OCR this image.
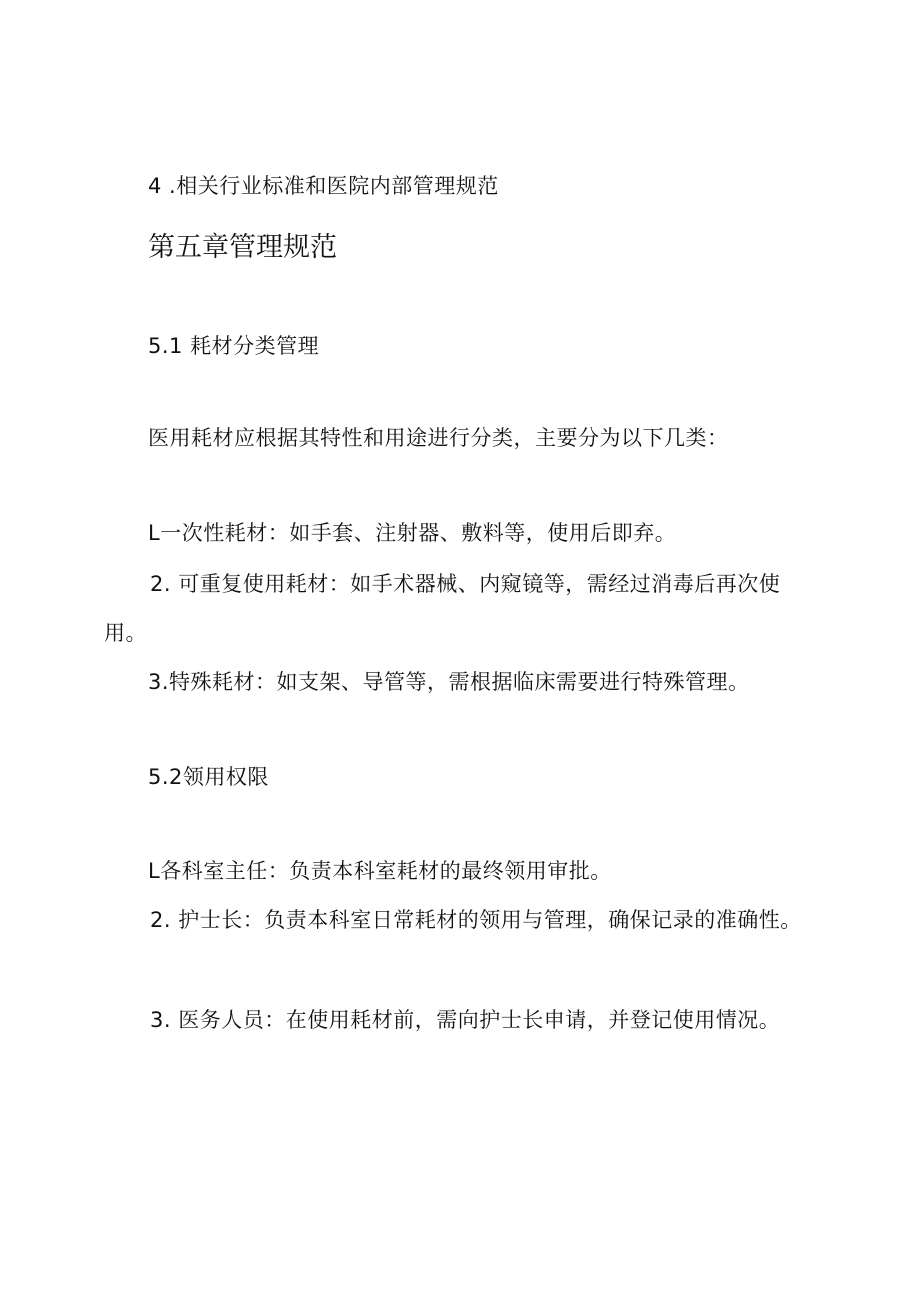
4 .相关行业标准和医院内部管理规范
第五章管理规范
5.1 耗材分类管理
医用耗材应根据其特性和用途进行分类，主要分为以下几类：
L一次性耗材：如手套、注射器、敷料等，使用后即弃。
2. 可重复使用耗材：如手术器械、内窥镜等，需经过消毒后再次使用。
3.特殊耗材：如支架、导管等，需根据临床需要进行特殊管理。
5.2领用权限
L各科室主任：负责本科室耗材的最终领用审批。
2. 护士长：负责本科室日常耗材的领用与管理，确保记录的准确性。
3. 医务人员：在使用耗材前，需向护士长申请，并登记使用情况。
